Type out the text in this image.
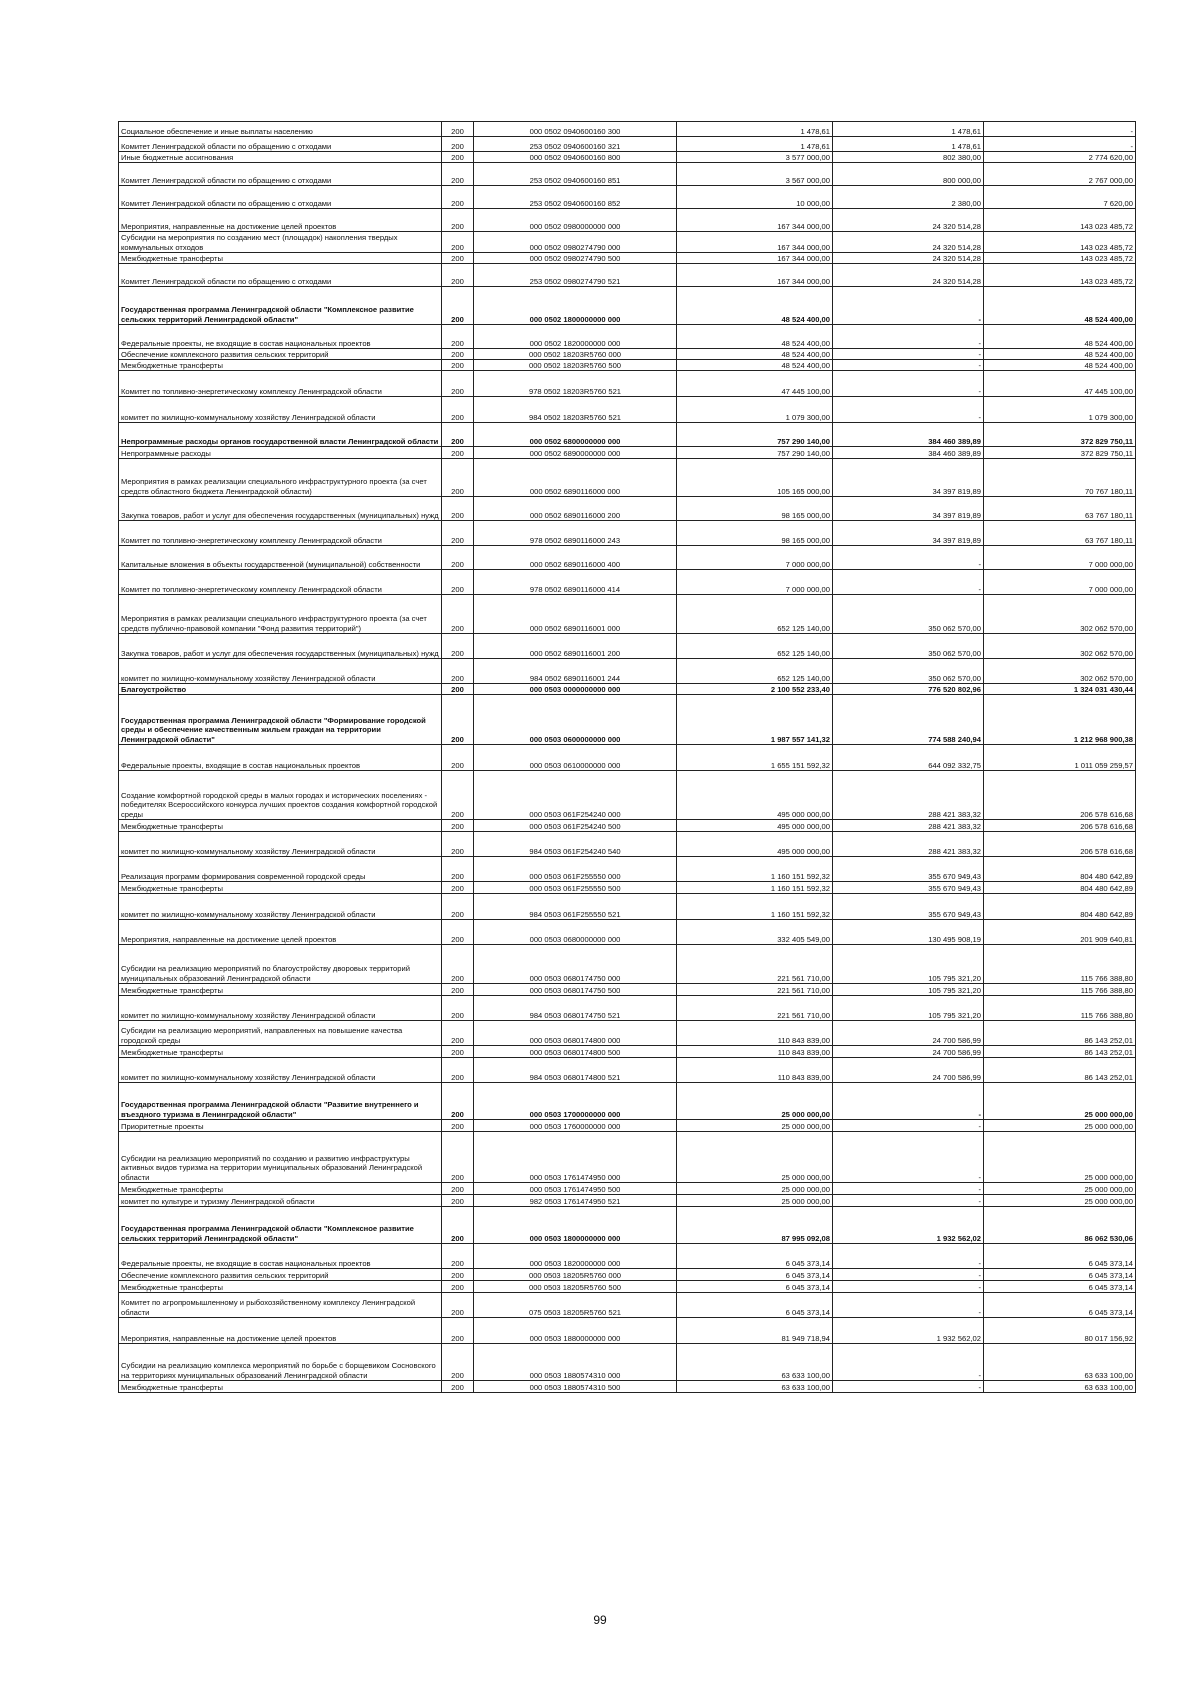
Социальное обеспечение и иные выплаты населению	200	000 0502 0940600160 300	1 478,61	1 478,61	-
Комитет Ленинградской области по обращению с отходами	200	253 0502 0940600160 321	1 478,61	1 478,61	-
Иные бюджетные ассигнования	200	000 0502 0940600160 800	3 577 000,00	802 380,00	2 774 620,00
Комитет Ленинградской области по обращению с отходами	200	253 0502 0940600160 851	3 567 000,00	800 000,00	2 767 000,00
Комитет Ленинградской области по обращению с отходами	200	253 0502 0940600160 852	10 000,00	2 380,00	7 620,00
Мероприятия, направленные на достижение целей проектов	200	000 0502 0980000000 000	167 344 000,00	24 320 514,28	143 023 485,72
Субсидии на мероприятия по созданию мест (площадок) накопления твердых коммунальных отходов	200	000 0502 0980274790 000	167 344 000,00	24 320 514,28	143 023 485,72
Межбюджетные трансферты	200	000 0502 0980274790 500	167 344 000,00	24 320 514,28	143 023 485,72
Комитет Ленинградской области по обращению с отходами	200	253 0502 0980274790 521	167 344 000,00	24 320 514,28	143 023 485,72
Государственная программа Ленинградской области "Комплексное развитие сельских территорий Ленинградской области"	200	000 0502 1800000000 000	48 524 400,00	-	48 524 400,00
Федеральные проекты, не входящие в состав национальных проектов	200	000 0502 1820000000 000	48 524 400,00	-	48 524 400,00
Обеспечение комплексного развития сельских территорий	200	000 0502 18203R5760 000	48 524 400,00	-	48 524 400,00
Межбюджетные трансферты	200	000 0502 18203R5760 500	48 524 400,00	-	48 524 400,00
Комитет по топливно-энергетическому комплексу Ленинградской области	200	978 0502 18203R5760 521	47 445 100,00	-	47 445 100,00
комитет по жилищно-коммунальному хозяйству Ленинградской области	200	984 0502 18203R5760 521	1 079 300,00	-	1 079 300,00
Непрограммные расходы органов государственной власти Ленинградской области	200	000 0502 6800000000 000	757 290 140,00	384 460 389,89	372 829 750,11
Непрограммные расходы	200	000 0502 6890000000 000	757 290 140,00	384 460 389,89	372 829 750,11
Мероприятия в рамках реализации специального инфраструктурного проекта (за счет средств областного бюджета Ленинградской области)	200	000 0502 6890116000 000	105 165 000,00	34 397 819,89	70 767 180,11
Закупка товаров, работ и услуг для обеспечения государственных (муниципальных) нужд	200	000 0502 6890116000 200	98 165 000,00	34 397 819,89	63 767 180,11
Комитет по топливно-энергетическому комплексу Ленинградской области	200	978 0502 6890116000 243	98 165 000,00	34 397 819,89	63 767 180,11
Капитальные вложения в объекты государственной (муниципальной) собственности	200	000 0502 6890116000 400	7 000 000,00	-	7 000 000,00
Комитет по топливно-энергетическому комплексу Ленинградской области	200	978 0502 6890116000 414	7 000 000,00	-	7 000 000,00
Мероприятия в рамках реализации специального инфраструктурного проекта (за счет средств публично-правовой компании "Фонд развития территорий")	200	000 0502 6890116001 000	652 125 140,00	350 062 570,00	302 062 570,00
Закупка товаров, работ и услуг для обеспечения государственных (муниципальных) нужд	200	000 0502 6890116001 200	652 125 140,00	350 062 570,00	302 062 570,00
комитет по жилищно-коммунальному хозяйству Ленинградской области	200	984 0502 6890116001 244	652 125 140,00	350 062 570,00	302 062 570,00
Благоустройство	200	000 0503 0000000000 000	2 100 552 233,40	776 520 802,96	1 324 031 430,44
Государственная программа Ленинградской области "Формирование городской среды и обеспечение качественным жильем граждан на территории Ленинградской области"	200	000 0503 0600000000 000	1 987 557 141,32	774 588 240,94	1 212 968 900,38
Федеральные проекты, входящие в состав национальных проектов	200	000 0503 0610000000 000	1 655 151 592,32	644 092 332,75	1 011 059 259,57
Создание комфортной городской среды в малых городах и исторических поселениях - победителях Всероссийского конкурса лучших проектов создания комфортной городской среды	200	000 0503 061F254240 000	495 000 000,00	288 421 383,32	206 578 616,68
Межбюджетные трансферты	200	000 0503 061F254240 500	495 000 000,00	288 421 383,32	206 578 616,68
комитет по жилищно-коммунальному хозяйству Ленинградской области	200	984 0503 061F254240 540	495 000 000,00	288 421 383,32	206 578 616,68
Реализация программ формирования современной городской среды	200	000 0503 061F255550 000	1 160 151 592,32	355 670 949,43	804 480 642,89
Межбюджетные трансферты	200	000 0503 061F255550 500	1 160 151 592,32	355 670 949,43	804 480 642,89
комитет по жилищно-коммунальному хозяйству Ленинградской области	200	984 0503 061F255550 521	1 160 151 592,32	355 670 949,43	804 480 642,89
Мероприятия, направленные на достижение целей проектов	200	000 0503 0680000000 000	332 405 549,00	130 495 908,19	201 909 640,81
Субсидии на реализацию мероприятий по благоустройству дворовых территорий муниципальных образований Ленинградской области	200	000 0503 0680174750 000	221 561 710,00	105 795 321,20	115 766 388,80
Межбюджетные трансферты	200	000 0503 0680174750 500	221 561 710,00	105 795 321,20	115 766 388,80
комитет по жилищно-коммунальному хозяйству Ленинградской области	200	984 0503 0680174750 521	221 561 710,00	105 795 321,20	115 766 388,80
Субсидии на реализацию мероприятий, направленных на повышение качества городской среды	200	000 0503 0680174800 000	110 843 839,00	24 700 586,99	86 143 252,01
Межбюджетные трансферты	200	000 0503 0680174800 500	110 843 839,00	24 700 586,99	86 143 252,01
комитет по жилищно-коммунальному хозяйству Ленинградской области	200	984 0503 0680174800 521	110 843 839,00	24 700 586,99	86 143 252,01
Государственная программа Ленинградской области "Развитие внутреннего и въездного туризма в Ленинградской области"	200	000 0503 1700000000 000	25 000 000,00	-	25 000 000,00
Приоритетные проекты	200	000 0503 1760000000 000	25 000 000,00	-	25 000 000,00
Субсидии на реализацию мероприятий по созданию и развитию инфраструктуры активных видов туризма на территории муниципальных образований Ленинградской области	200	000 0503 1761474950 000	25 000 000,00	-	25 000 000,00
Межбюджетные трансферты	200	000 0503 1761474950 500	25 000 000,00	-	25 000 000,00
комитет по культуре и туризму Ленинградской области	200	982 0503 1761474950 521	25 000 000,00	-	25 000 000,00
Государственная программа Ленинградской области "Комплексное развитие сельских территорий Ленинградской области"	200	000 0503 1800000000 000	87 995 092,08	1 932 562,02	86 062 530,06
Федеральные проекты, не входящие в состав национальных проектов	200	000 0503 1820000000 000	6 045 373,14	-	6 045 373,14
Обеспечение комплексного развития сельских территорий	200	000 0503 18205R5760 000	6 045 373,14	-	6 045 373,14
Межбюджетные трансферты	200	000 0503 18205R5760 500	6 045 373,14	-	6 045 373,14
Комитет по агропромышленному и рыбохозяйственному комплексу Ленинградской области	200	075 0503 18205R5760 521	6 045 373,14	-	6 045 373,14
Мероприятия, направленные на достижение целей проектов	200	000 0503 1880000000 000	81 949 718,94	1 932 562,02	80 017 156,92
Субсидии на реализацию комплекса мероприятий по борьбе с борщевиком Сосновского на территориях муниципальных образований Ленинградской области	200	000 0503 1880574310 000	63 633 100,00	-	63 633 100,00
Межбюджетные трансферты	200	000 0503 1880574310 500	63 633 100,00	-	63 633 100,00
99
